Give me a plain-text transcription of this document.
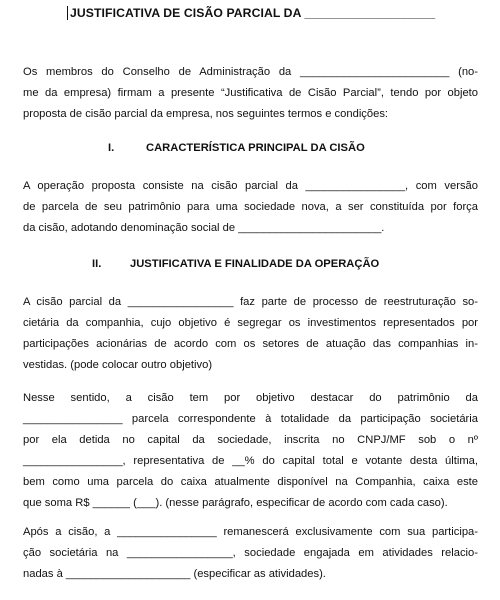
JUSTIFICATIVA DE CISÃO PARCIAL DA ___________________
Os membros do Conselho de Administração da ________________________ (no-
me da empresa) firmam a presente “Justificativa de Cisão Parcial”, tendo por objeto
proposta de cisão parcial da empresa, nos seguintes termos e condições:
I.	CARACTERÍSTICA PRINCIPAL DA CISÃO
A operação proposta consiste na cisão parcial da ________________, com versão
de parcela de seu patrimônio para uma sociedade nova, a ser constituída por força
da cisão, adotando denominação social de _______________________.
II.	JUSTIFICATIVA E FINALIDADE DA OPERAÇÃO
A cisão parcial da _________________ faz parte de processo de reestruturação so-
cietária da companhia, cujo objetivo é segregar os investimentos representados por
participações acionárias de acordo com os setores de atuação das companhias in-
vestidas. (pode colocar outro objetivo)
Nesse sentido, a cisão tem por objetivo destacar do patrimônio da
________________ parcela correspondente à totalidade da participação societária
por ela detida no capital da sociedade, inscrita no CNPJ/MF sob o nº
________________, representativa de __% do capital total e votante desta última,
bem como uma parcela do caixa atualmente disponível na Companhia, caixa este
que soma R$ ______ (___). (nesse parágrafo, especificar de acordo com cada caso).
Após a cisão, a ________________ remanescerá exclusivamente com sua participa-
ção societária na _________________, sociedade engajada em atividades relacio-
nadas à ____________________ (especificar as atividades).
